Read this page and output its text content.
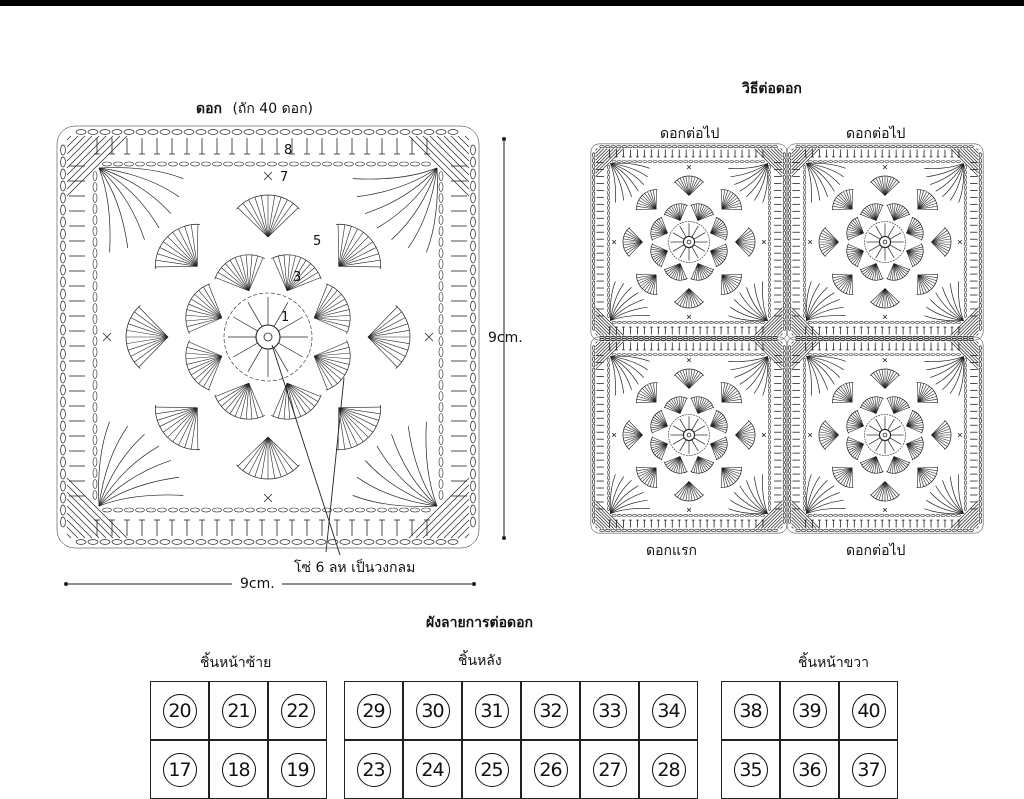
ดอก (ถัก 40 ดอก)
8
7
5
3
1
9cm.
9cm.
โซ่ 6 ลห เป็นวงกลม
วิธีต่อดอก
ดอกต่อไป	ดอกต่อไป
ดอกแรก	ดอกต่อไป
ผังลายการต่อดอก
ชิ้นหน้าซ้าย	ชิ้นหลัง	ชิ้นหน้าขวา
20	21	22
17	18	19
29	30	31	32	33	34
23	24	25	26	27	28
38	39	40
35	36	37
